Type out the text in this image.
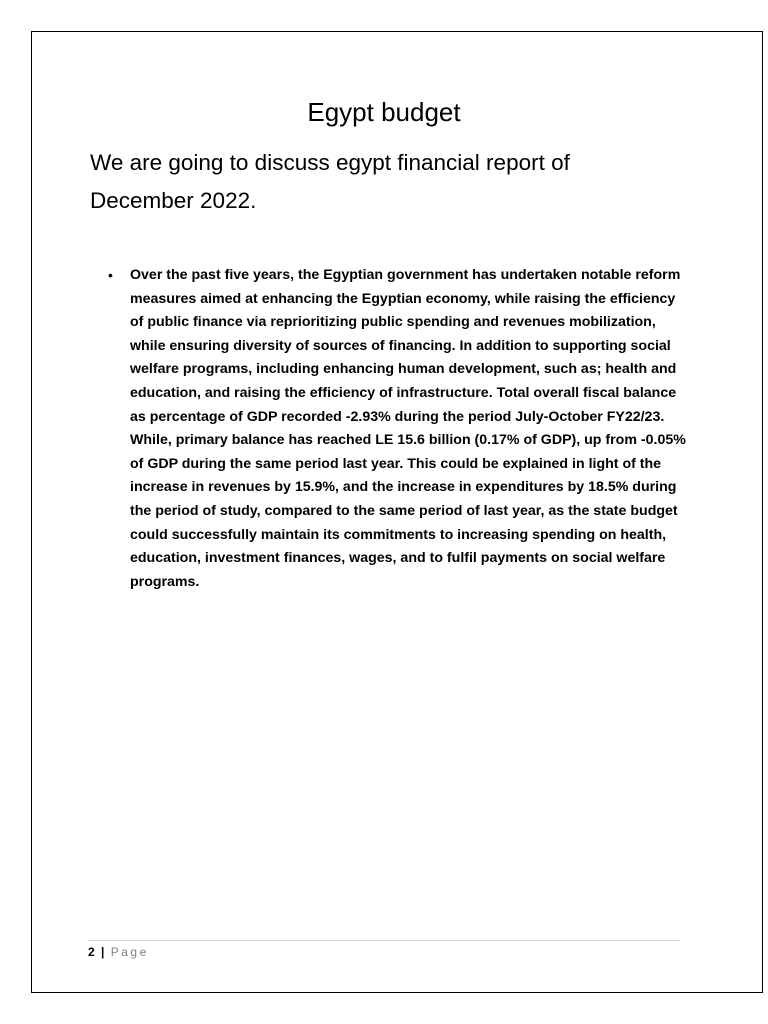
Egypt budget

We are going to discuss egypt financial report of December 2022.

• Over the past five years, the Egyptian government has undertaken notable reform measures aimed at enhancing the Egyptian economy, while raising the efficiency of public finance via reprioritizing public spending and revenues mobilization, while ensuring diversity of sources of financing. In addition to supporting social welfare programs, including enhancing human development, such as; health and education, and raising the efficiency of infrastructure. Total overall fiscal balance as percentage of GDP recorded -2.93% during the period July-October FY22/23. While, primary balance has reached LE 15.6 billion (0.17% of GDP), up from -0.05% of GDP during the same period last year. This could be explained in light of the increase in revenues by 15.9%, and the increase in expenditures by 18.5% during the period of study, compared to the same period of last year, as the state budget could successfully maintain its commitments to increasing spending on health, education, investment finances, wages, and to fulfil payments on social welfare programs.
2 | Page
